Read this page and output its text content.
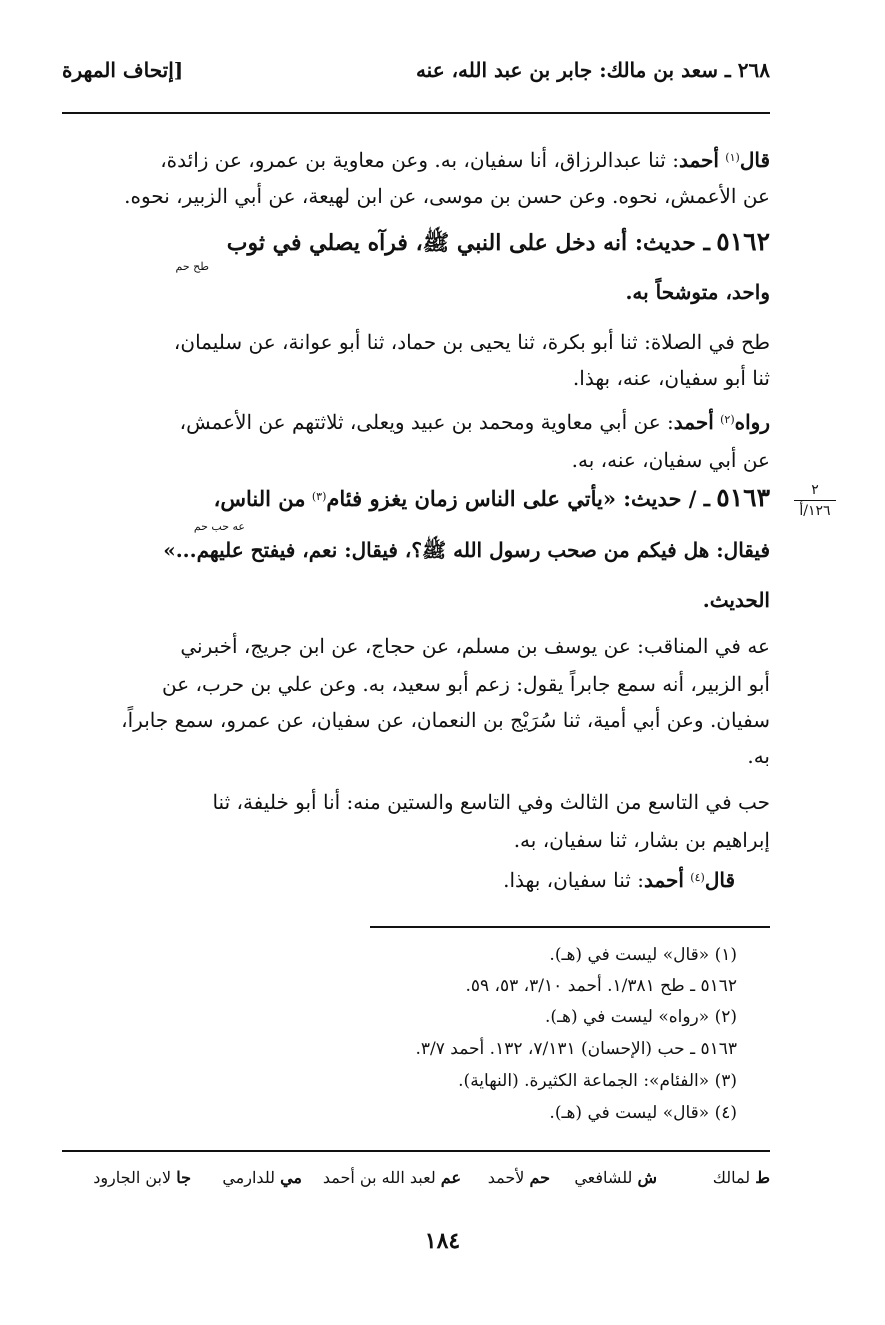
٢٦٨ ـ سعد بن مالك: جابر بن عبد الله، عنه
[إتحاف المهرة
قال$^{(١)}$ أحمد: ثنا عبدالرزاق، أنا سفيان، به. وعن معاوية بن عمرو، عن زائدة،
عن الأعمش، نحوه. وعن حسن بن موسى، عن ابن لهيعة، عن أبي الزبير، نحوه.
طح حم
٥١٦٢ ـ حديث: أنه دخل على النبي ﷺ، فرآه يصلي في ثوب
واحد، متوشحاً به.
طح في الصلاة: ثنا أبو بكرة، ثنا يحيى بن حماد، ثنا أبو عوانة، عن سليمان،
ثنا أبو سفيان، عنه، بهذا.
رواه$^{(٢)}$ أحمد: عن أبي معاوية ومحمد بن عبيد ويعلى، ثلاثتهم عن الأعمش،
عن أبي سفيان، عنه، به.
٢
١٢٦/أ
عه حب حم
٥١٦٣ ـ / حديث: «يأتي على الناس زمان يغزو فئام$^{(٣)}$ من الناس،
فيقال: هل فيكم من صحب رسول الله ﷺ؟، فيقال: نعم، فيفتح عليهم...»
الحديث.
عه في المناقب: عن يوسف بن مسلم، عن حجاج، عن ابن جريج، أخبرني
أبو الزبير، أنه سمع جابراً يقول: زعم أبو سعيد، به. وعن علي بن حرب، عن
سفيان. وعن أبي أمية، ثنا سُرَيْج بن النعمان، عن سفيان، عن عمرو، سمع جابراً،
به.
حب في التاسع من الثالث وفي التاسع والستين منه: أنا أبو خليفة، ثنا
إبراهيم بن بشار، ثنا سفيان، به.
قال$^{(٤)}$ أحمد: ثنا سفيان، بهذا.
(١) «قال» ليست في (هـ).
٥١٦٢ ـ طح ١/٣٨١. أحمد ٣/١٠، ٥٣، ٥٩.
(٢) «رواه» ليست في (هـ).
٥١٦٣ ـ حب (الإحسان) ٧/١٣١، ١٣٢. أحمد ٣/٧.
(٣) «الفئام»: الجماعة الكثيرة. (النهاية).
(٤) «قال» ليست في (هـ).
ط لمالك
ش للشافعي
حم لأحمد
عم لعبد الله بن أحمد
مي للدارمي
جا لابن الجارود
١٨٤
